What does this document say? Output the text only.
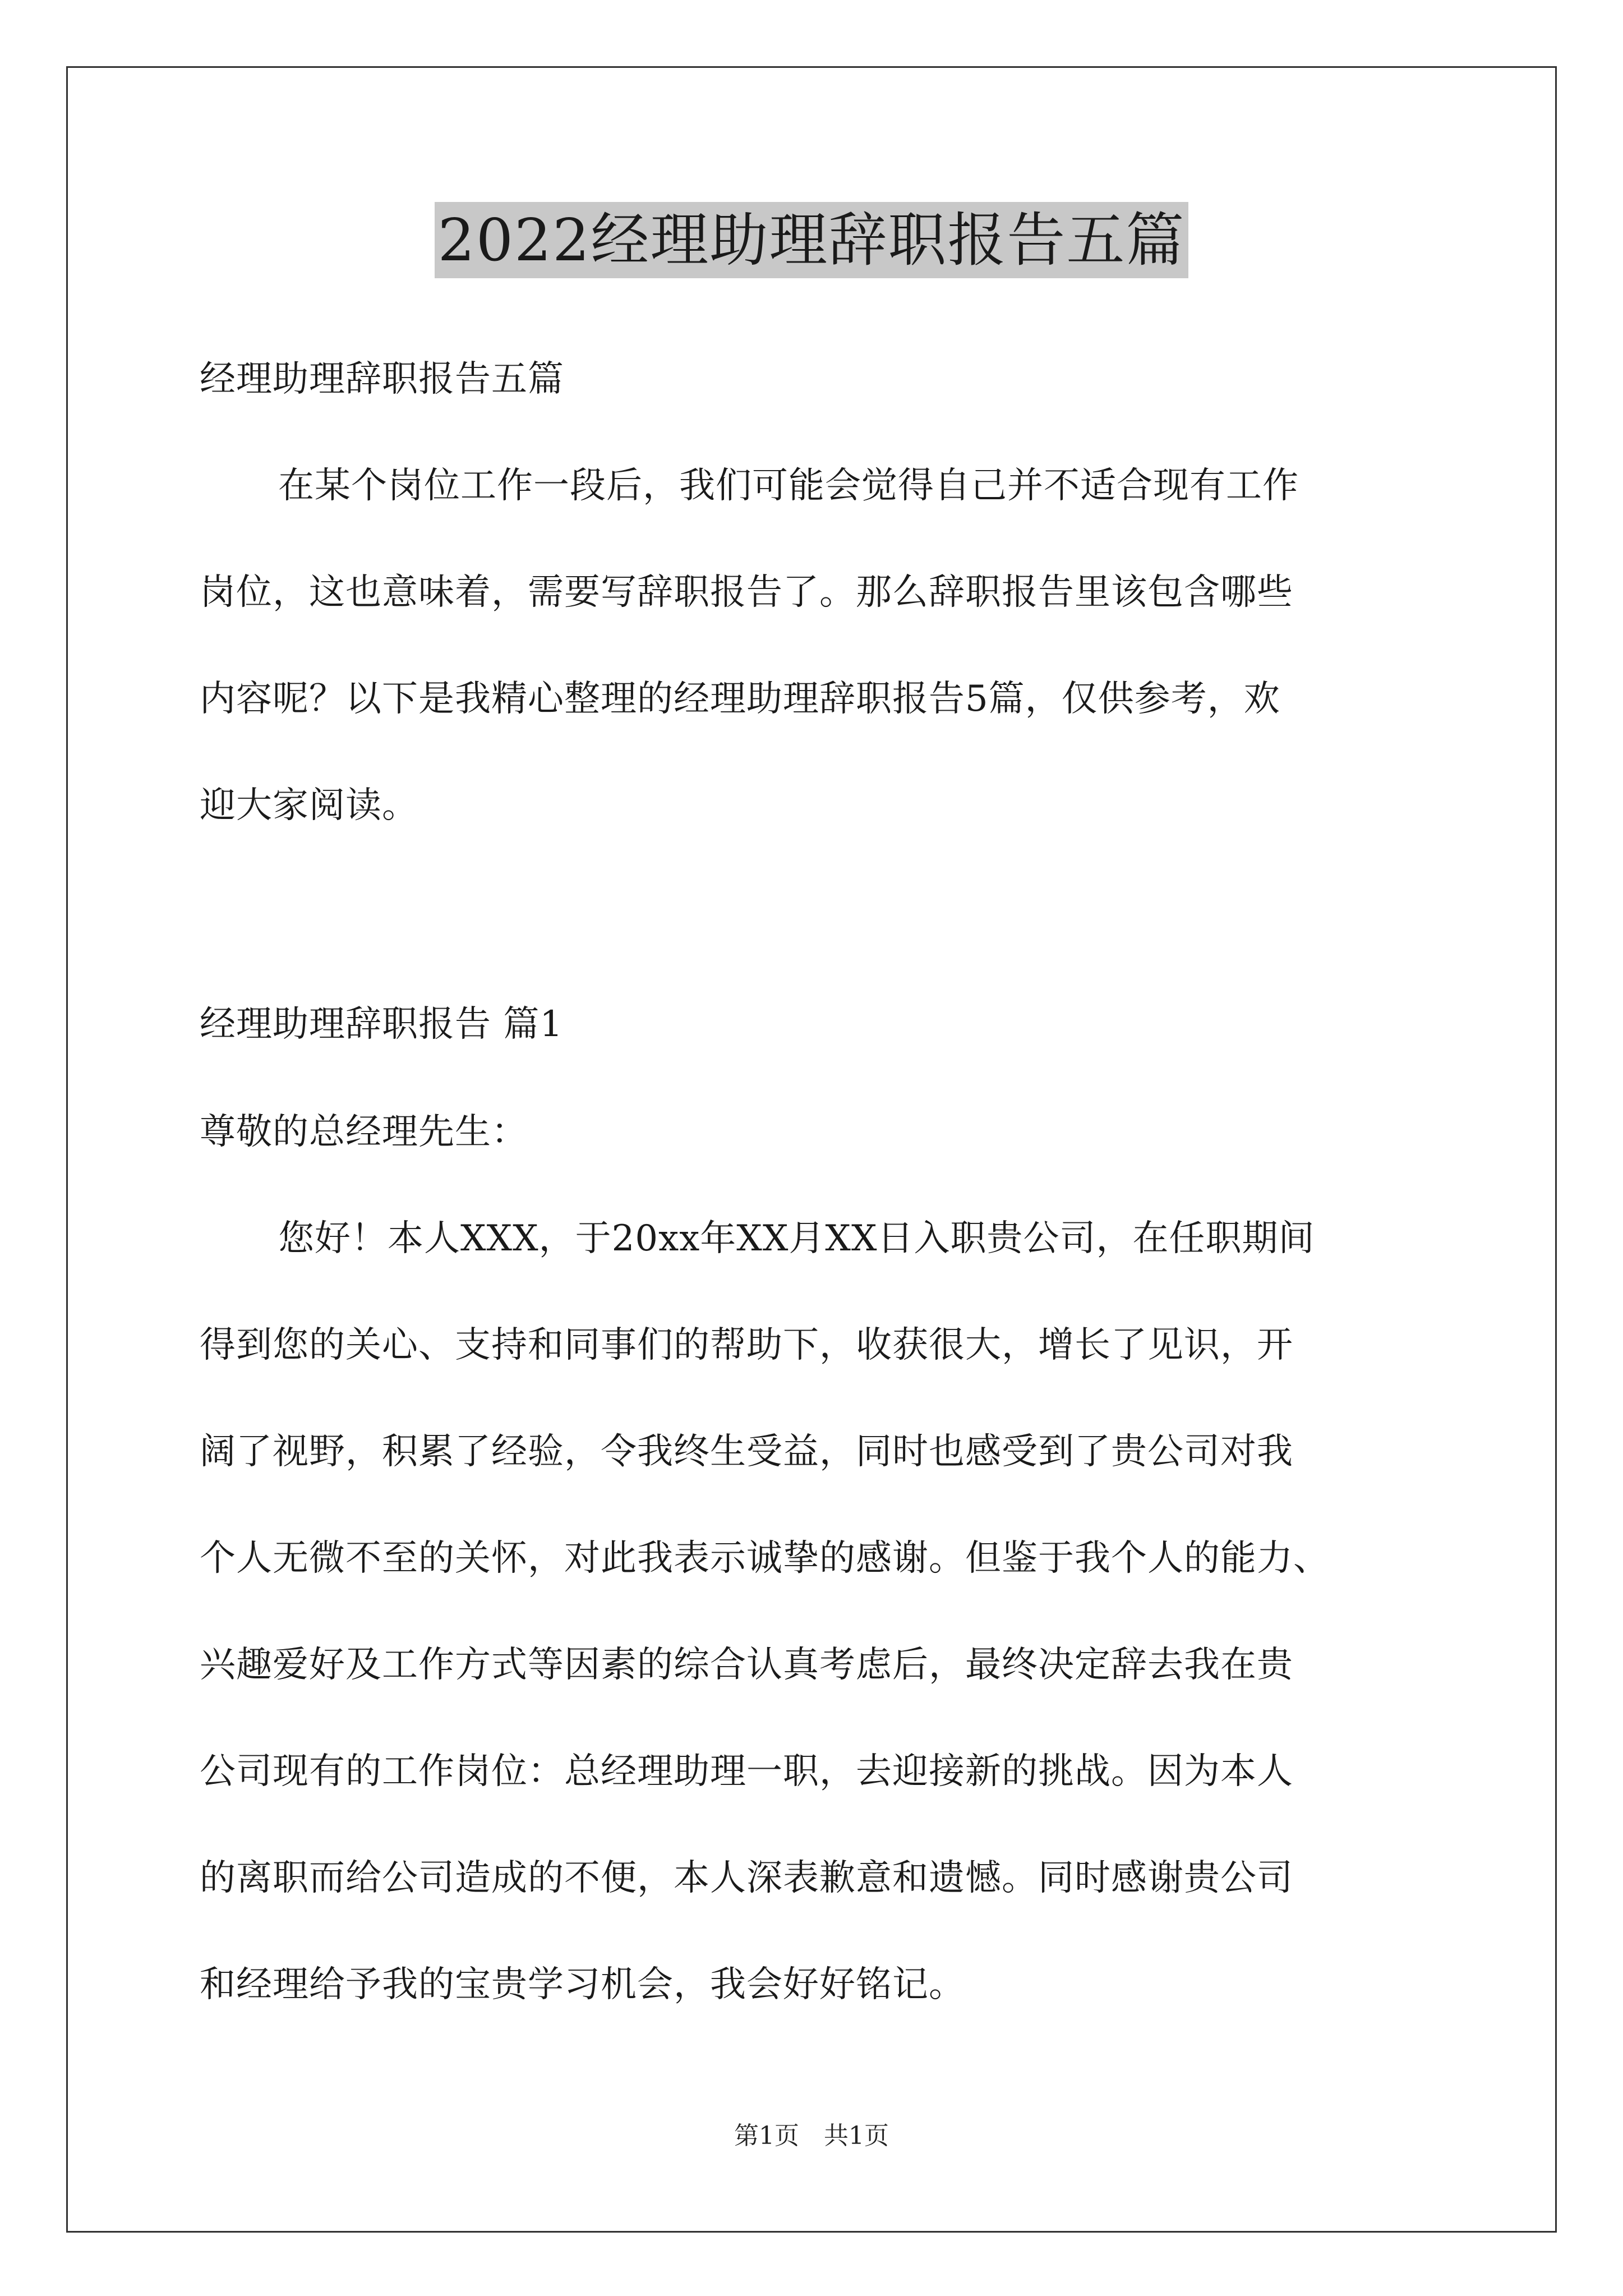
2022经理助理辞职报告五篇
经理助理辞职报告五篇
在某个岗位工作一段后，我们可能会觉得自己并不适合现有工作
岗位，这也意味着，需要写辞职报告了。那么辞职报告里该包含哪些
内容呢？以下是我精心整理的经理助理辞职报告5篇，仅供参考，欢
迎大家阅读。
经理助理辞职报告 篇1
尊敬的总经理先生：
您好！本人XXX，于20xx年XX月XX日入职贵公司，在任职期间
得到您的关心、支持和同事们的帮助下，收获很大，增长了见识，开
阔了视野，积累了经验，令我终生受益，同时也感受到了贵公司对我
个人无微不至的关怀，对此我表示诚挚的感谢。但鉴于我个人的能力、
兴趣爱好及工作方式等因素的综合认真考虑后，最终决定辞去我在贵
公司现有的工作岗位：总经理助理一职，去迎接新的挑战。因为本人
的离职而给公司造成的不便，本人深表歉意和遗憾。同时感谢贵公司
和经理给予我的宝贵学习机会，我会好好铭记。
第1页　共1页
